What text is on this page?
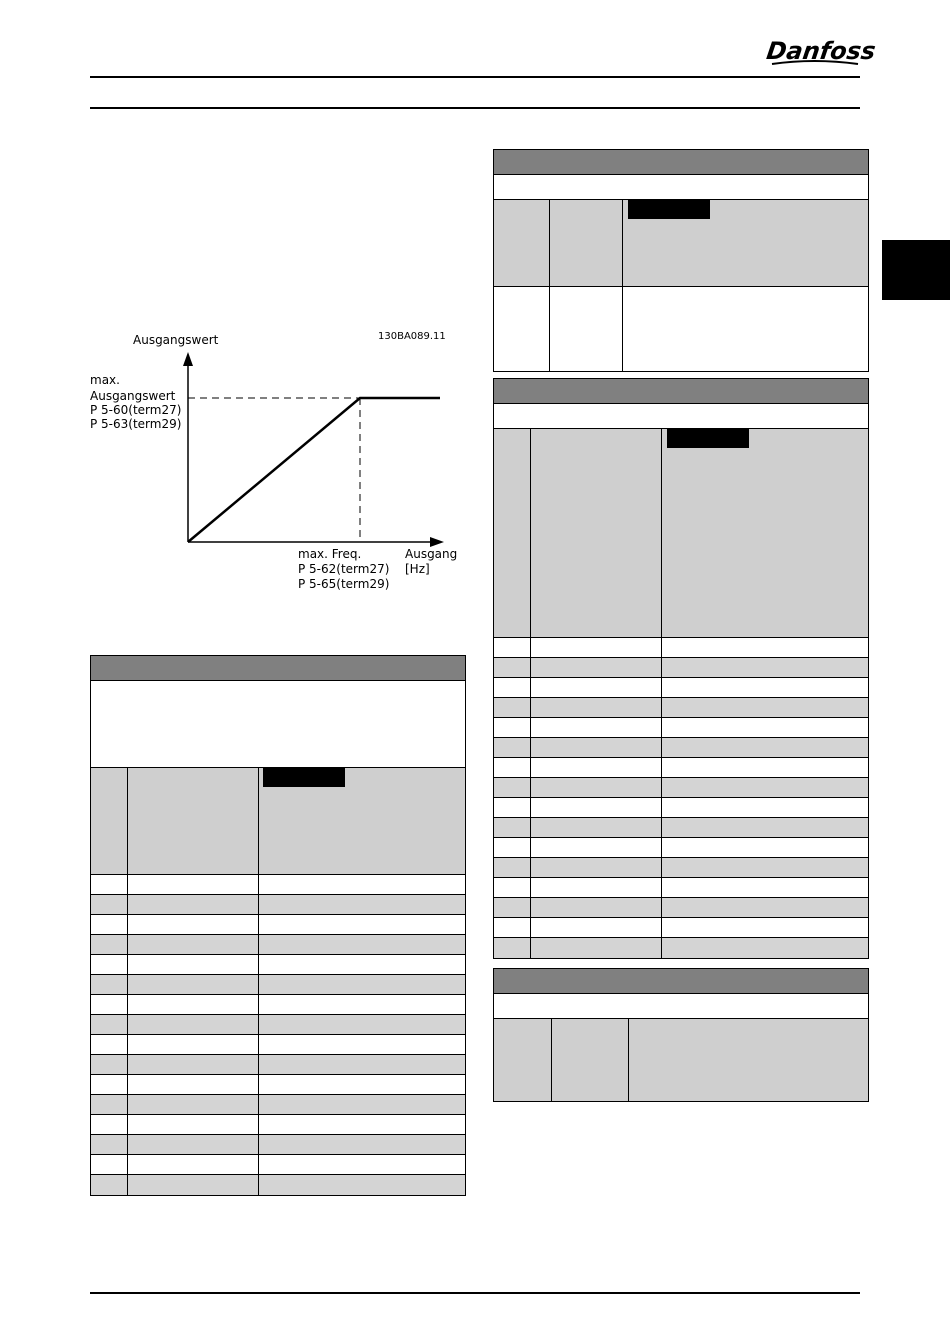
Danfoss
Ausgangswert	130BA089.11
max.
Ausgangswert
P 5-60(term27)
P 5-63(term29)
max. Freq.
P 5-62(term27)
P 5-65(term29)
Ausgang
[Hz]
